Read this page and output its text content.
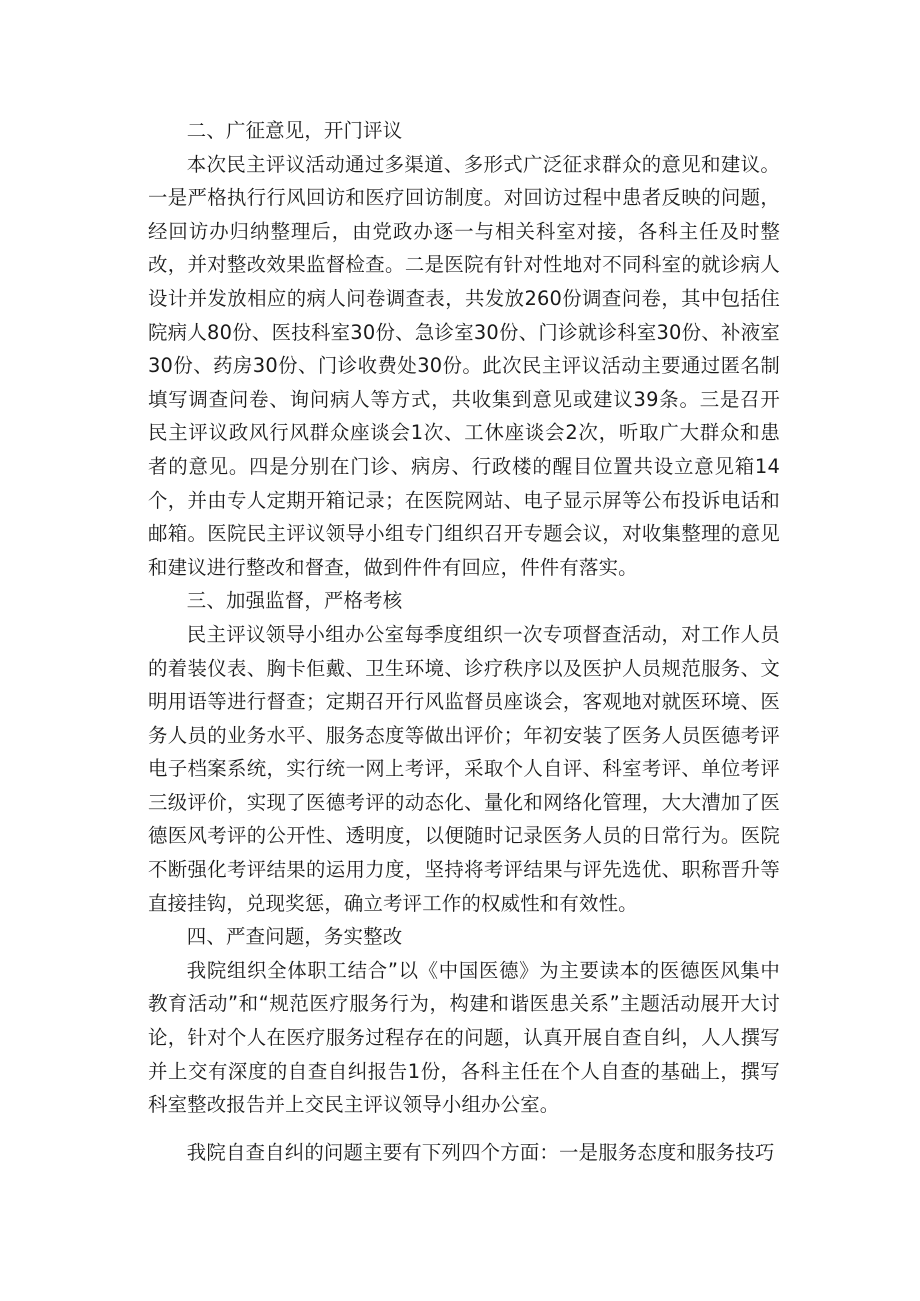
二、广征意见，开门评议

本次民主评议活动通过多渠道、多形式广泛征求群众的意见和建议。一是严格执行行风回访和医疗回访制度。对回访过程中患者反映的问题，经回访办归纳整理后，由党政办逐一与相关科室对接，各科主任及时整改，并对整改效果监督检查。二是医院有针对性地对不同科室的就诊病人设计并发放相应的病人问卷调查表，共发放260份调查问卷，其中包括住院病人80份、医技科室30份、急诊室30份、门诊就诊科室30份、补液室30份、药房30份、门诊收费处30份。此次民主评议活动主要通过匿名制填写调查问卷、询问病人等方式，共收集到意见或建议39条。三是召开民主评议政风行风群众座谈会1次、工休座谈会2次，听取广大群众和患者的意见。四是分别在门诊、病房、行政楼的醒目位置共设立意见箱14个，并由专人定期开箱记录；在医院网站、电子显示屏等公布投诉电话和邮箱。医院民主评议领导小组专门组织召开专题会议，对收集整理的意见和建议进行整改和督查，做到件件有回应，件件有落实。

三、加强监督，严格考核

民主评议领导小组办公室每季度组织一次专项督查活动，对工作人员的着装仪表、胸卡佢戴、卫生环境、诊疗秩序以及医护人员规范服务、文明用语等进行督查；定期召开行风监督员座谈会，客观地对就医环境、医务人员的业务水平、服务态度等做出评价；年初安装了医务人员医德考评电子档案系统，实行统一网上考评，采取个人自评、科室考评、单位考评三级评价，实现了医德考评的动态化、量化和网络化管理，大大漕加了医德医风考评的公开性、透明度，以便随时记录医务人员的日常行为。医院不断强化考评结果的运用力度，坚持将考评结果与评先选优、职称晋升等直接挂钩，兑现奖惩，确立考评工作的权威性和有效性。

四、严查问题，务实整改

我院组织全体职工结合”以《中国医德》为主要读本的医德医风集中教育活动”和“规范医疗服务行为，构建和谐医患关系”主题活动展开大讨论，针对个人在医疗服务过程存在的问题，认真开展自查自纠，人人撰写并上交有深度的自查自纠报告1份，各科主任在个人自查的基础上，撰写科室整改报告并上交民主评议领导小组办公室。

我院自查自纠的问题主要有下列四个方面：一是服务态度和服务技巧
